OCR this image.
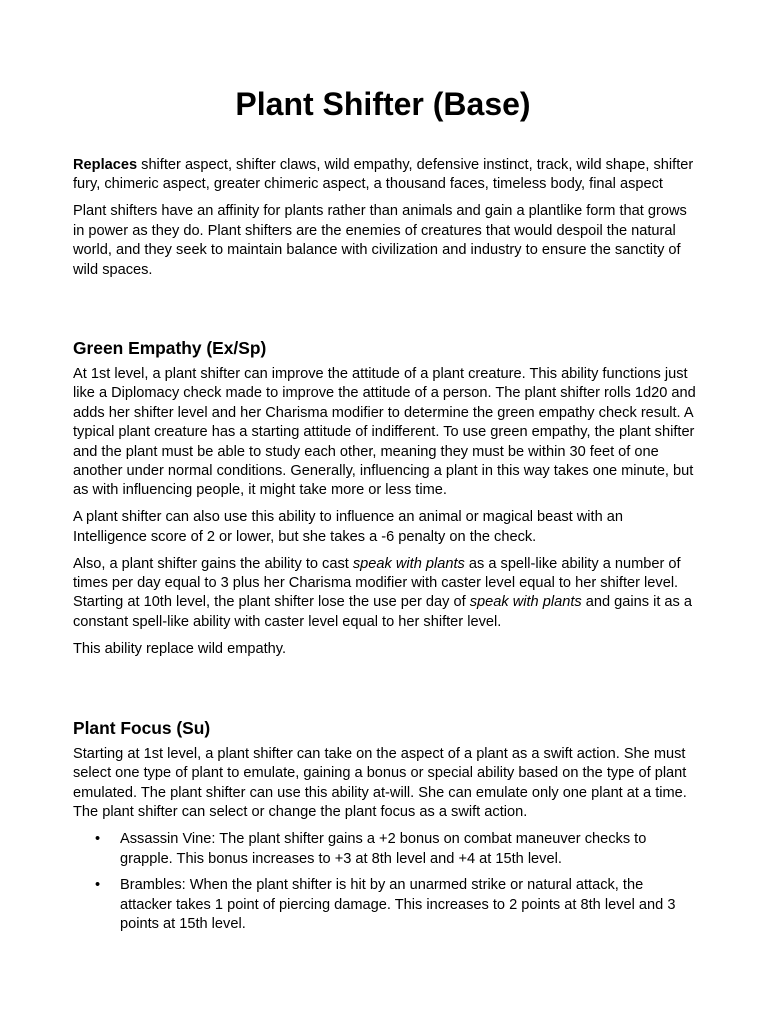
Plant Shifter (Base)

Replaces shifter aspect, shifter claws, wild empathy, defensive instinct, track, wild shape, shifter fury, chimeric aspect, greater chimeric aspect, a thousand faces, timeless body, final aspect

Plant shifters have an affinity for plants rather than animals and gain a plantlike form that grows in power as they do. Plant shifters are the enemies of creatures that would despoil the natural world, and they seek to maintain balance with civilization and industry to ensure the sanctity of wild spaces.

Green Empathy (Ex/Sp)

At 1st level, a plant shifter can improve the attitude of a plant creature. This ability functions just like a Diplomacy check made to improve the attitude of a person. The plant shifter rolls 1d20 and adds her shifter level and her Charisma modifier to determine the green empathy check result. A typical plant creature has a starting attitude of indifferent. To use green empathy, the plant shifter and the plant must be able to study each other, meaning they must be within 30 feet of one another under normal conditions. Generally, influencing a plant in this way takes one minute, but as with influencing people, it might take more or less time.

A plant shifter can also use this ability to influence an animal or magical beast with an Intelligence score of 2 or lower, but she takes a -6 penalty on the check.

Also, a plant shifter gains the ability to cast speak with plants as a spell-like ability a number of times per day equal to 3 plus her Charisma modifier with caster level equal to her shifter level. Starting at 10th level, the plant shifter lose the use per day of speak with plants and gains it as a constant spell-like ability with caster level equal to her shifter level.

This ability replace wild empathy.

Plant Focus (Su)

Starting at 1st level, a plant shifter can take on the aspect of a plant as a swift action. She must select one type of plant to emulate, gaining a bonus or special ability based on the type of plant emulated. The plant shifter can use this ability at-will. She can emulate only one plant at a time. The plant shifter can select or change the plant focus as a swift action.

• Assassin Vine: The plant shifter gains a +2 bonus on combat maneuver checks to grapple. This bonus increases to +3 at 8th level and +4 at 15th level.
• Brambles: When the plant shifter is hit by an unarmed strike or natural attack, the attacker takes 1 point of piercing damage. This increases to 2 points at 8th level and 3 points at 15th level.
